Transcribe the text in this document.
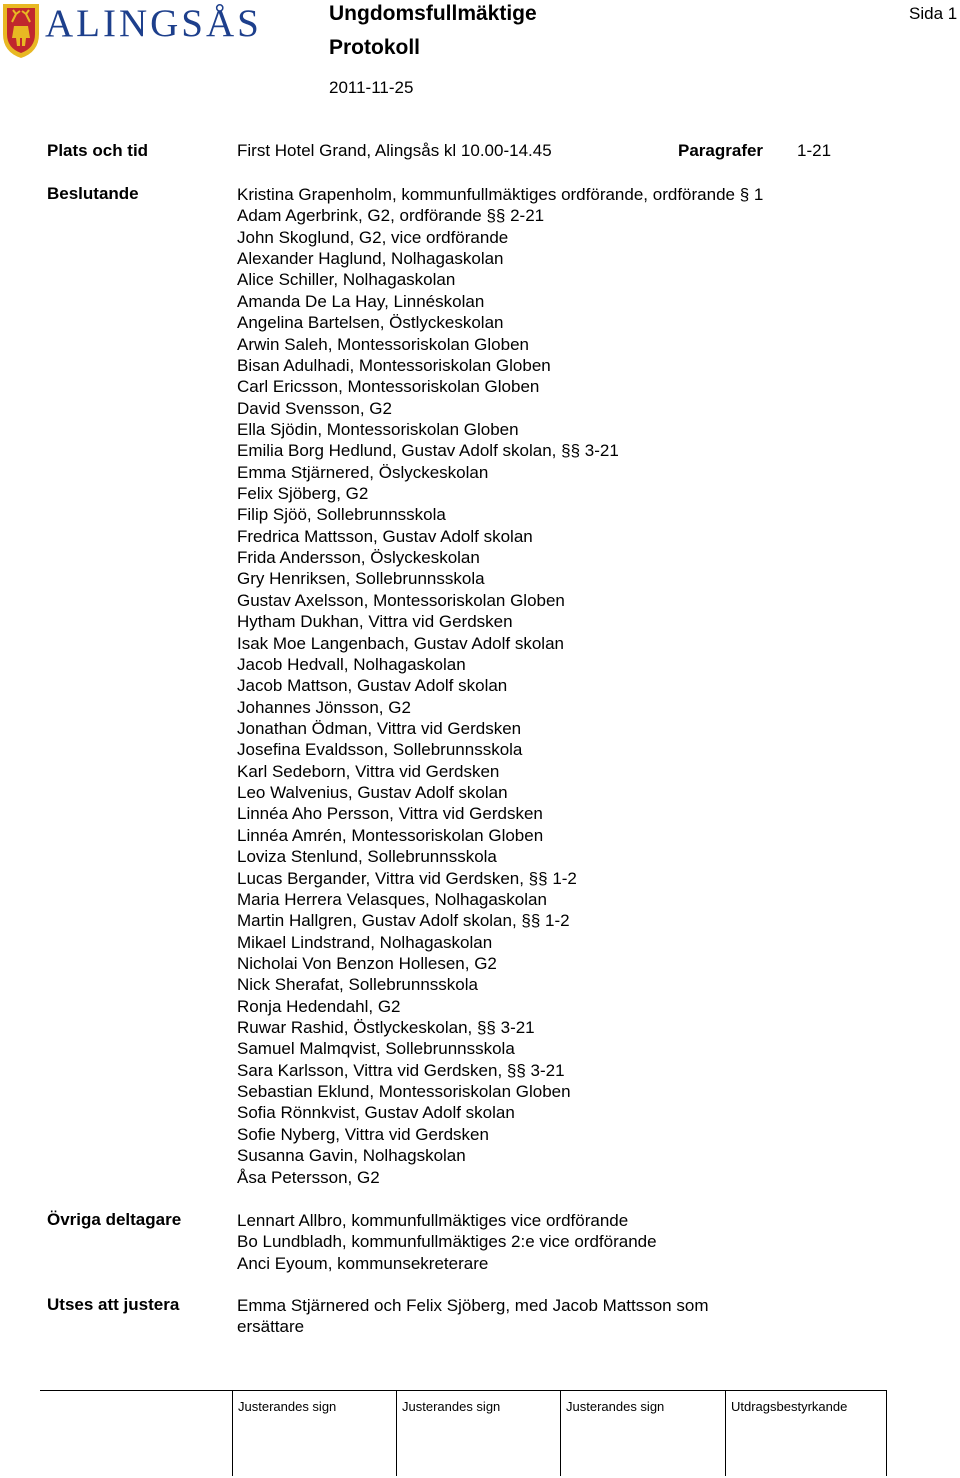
ALINGSÅS	Ungdomsfullmäktige
Protokoll
2011-11-25
Sida 1
Plats och tid	First Hotel Grand, Alingsås kl 10.00-14.45	Paragrafer 1-21
Beslutande	Kristina Grapenholm, kommunfullmäktiges ordförande, ordförande § 1
Adam Agerbrink, G2, ordförande §§ 2-21
John Skoglund, G2, vice ordförande
Alexander Haglund, Nolhagaskolan
Alice Schiller, Nolhagaskolan
Amanda De La Hay, Linnéskolan
Angelina Bartelsen, Östlyckeskolan
Arwin Saleh, Montessoriskolan Globen
Bisan Adulhadi, Montessoriskolan Globen
Carl Ericsson, Montessoriskolan Globen
David Svensson, G2
Ella Sjödin, Montessoriskolan Globen
Emilia Borg Hedlund, Gustav Adolf skolan, §§ 3-21
Emma Stjärnered, Öslyckeskolan
Felix Sjöberg, G2
Filip Sjöö, Sollebrunnsskola
Fredrica Mattsson, Gustav Adolf skolan
Frida Andersson, Öslyckeskolan
Gry Henriksen, Sollebrunnsskola
Gustav Axelsson, Montessoriskolan Globen
Hytham Dukhan, Vittra vid Gerdsken
Isak Moe Langenbach, Gustav Adolf skolan
Jacob Hedvall, Nolhagaskolan
Jacob Mattson, Gustav Adolf skolan
Johannes Jönsson, G2
Jonathan Ödman, Vittra vid Gerdsken
Josefina Evaldsson, Sollebrunnsskola
Karl Sedeborn, Vittra vid Gerdsken
Leo Walvenius, Gustav Adolf skolan
Linnéa Aho Persson, Vittra vid Gerdsken
Linnéa Amrén, Montessoriskolan Globen
Loviza Stenlund, Sollebrunnsskola
Lucas Bergander, Vittra vid Gerdsken, §§ 1-2
Maria Herrera Velasques, Nolhagaskolan
Martin Hallgren, Gustav Adolf skolan, §§ 1-2
Mikael Lindstrand, Nolhagaskolan
Nicholai Von Benzon Hollesen, G2
Nick Sherafat, Sollebrunnsskola
Ronja Hedendahl, G2
Ruwar Rashid, Östlyckeskolan, §§ 3-21
Samuel Malmqvist, Sollebrunnsskola
Sara Karlsson, Vittra vid Gerdsken, §§ 3-21
Sebastian Eklund, Montessoriskolan Globen
Sofia Rönnkvist, Gustav Adolf skolan
Sofie Nyberg, Vittra vid Gerdsken
Susanna Gavin, Nolhagskolan
Åsa Petersson, G2
Övriga deltagare	Lennart Allbro, kommunfullmäktiges vice ordförande
Bo Lundbladh, kommunfullmäktiges 2:e vice ordförande
Anci Eyoum, kommunsekreterare
Utses att justera	Emma Stjärnered och Felix Sjöberg, med Jacob Mattsson som
ersättare
Justerandes sign	Justerandes sign	Justerandes sign	Utdragsbestyrkande
